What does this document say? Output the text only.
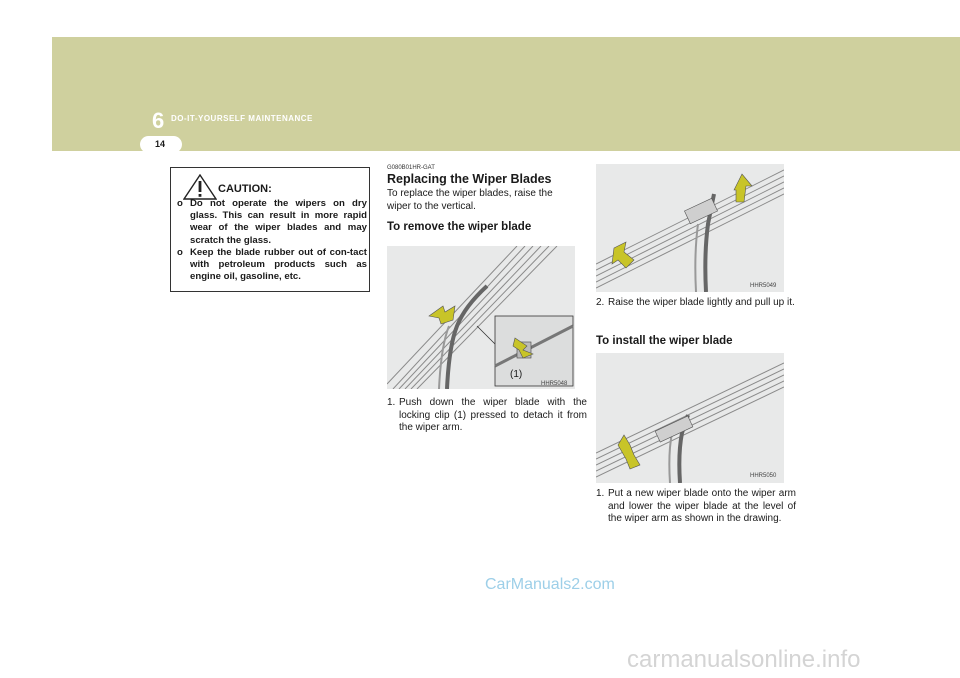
6 DO-IT-YOURSELF MAINTENANCE
14
CAUTION:
o Do not operate the wipers on dry glass. This can result in more rapid wear of the wiper blades and may scratch the glass.
o Keep the blade rubber out of con-tact with petroleum products such as engine oil, gasoline, etc.

G080B01HR-GAT

Replacing the Wiper Blades

To replace the wiper blades, raise the wiper to the vertical.

To remove the wiper blade

(1)
HHR5048
1. Push down the wiper blade with the locking clip (1) pressed to detach it from the wiper arm.
HHR5049
2. Raise the wiper blade lightly and pull up it.
To install the wiper blade
HHR5050
1. Put a new wiper blade onto the wiper arm and lower the wiper blade at the level of the wiper arm as shown in the drawing.
CarManuals2.com
carmanualsonline.info
